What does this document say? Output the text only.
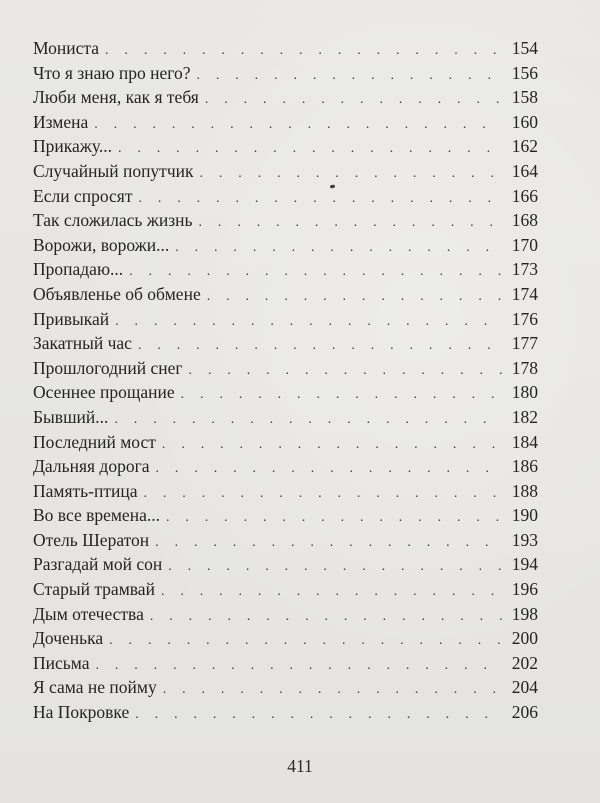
Мониста . . .	154
Что я знаю про него? . . .	156
Люби меня, как я тебя . . .	158
Измена . . .	160
Прикажу... . . .	162
Случайный попутчик . . .	164
Если спросят . . .	166
Так сложилась жизнь . . .	168
Ворожи, ворожи... . . .	170
Пропадаю... . . .	173
Объявленье об обмене . . .	174
Привыкай . . .	176
Закатный час . . .	177
Прошлогодний снег . . .	178
Осеннее прощание . . .	180
Бывший... . . .	182
Последний мост . . .	184
Дальняя дорога . . .	186
Память-птица . . .	188
Во все времена... . . .	190
Отель Шератон . . .	193
Разгадай мой сон . . .	194
Старый трамвай . . .	196
Дым отечества . . .	198
Доченька . . .	200
Письма . . .	202
Я сама не пойму . . .	204
На Покровке . . .	206
411
